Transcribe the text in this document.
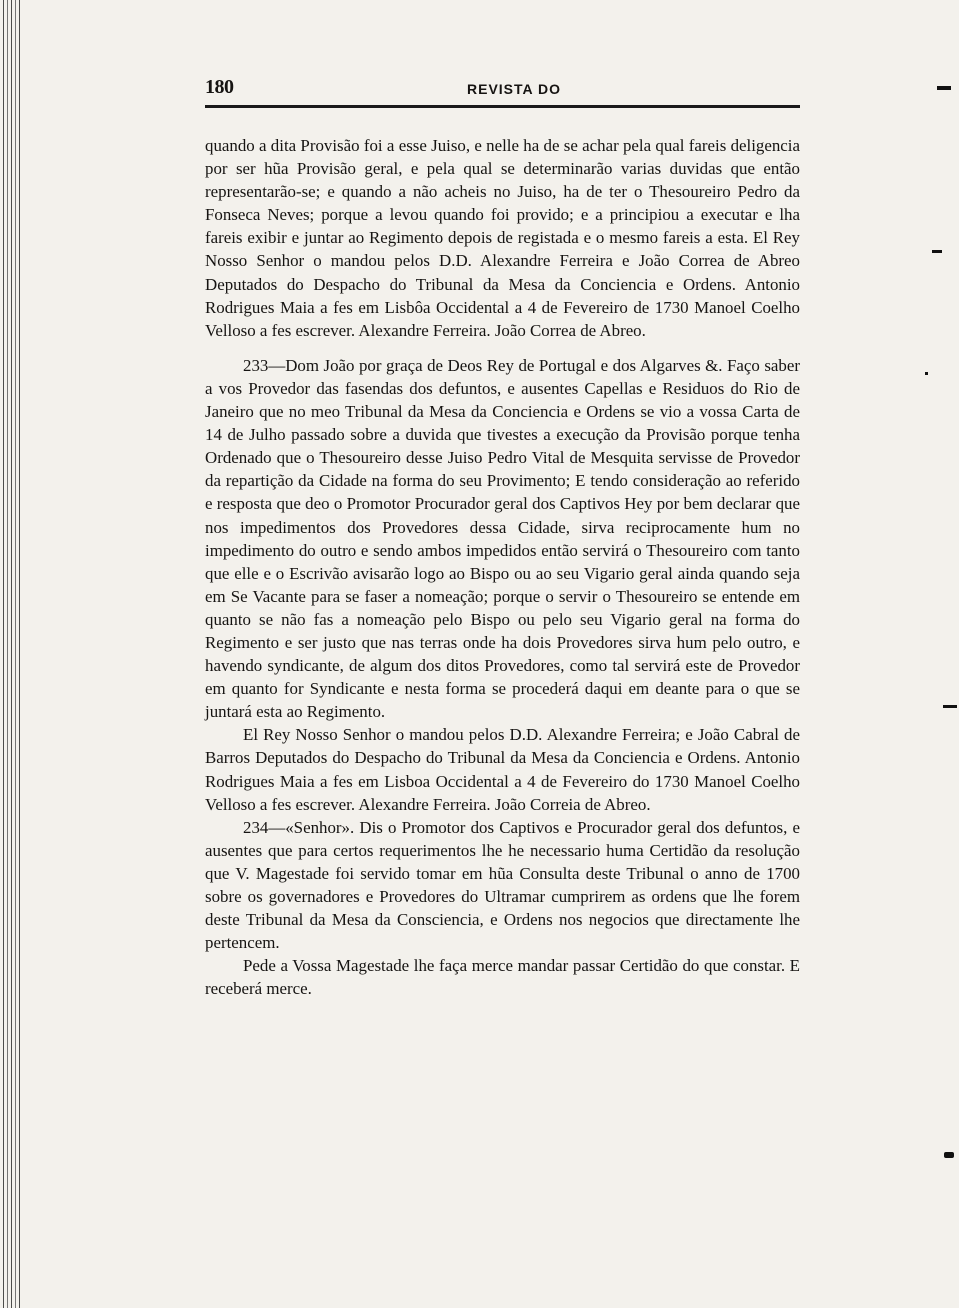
180	REVISTA DO

quando a dita Provisão foi a esse Juiso, e nelle ha de se achar pela qual fareis deligencia por ser hũa Provisão geral, e pela qual se determinarão varias duvidas que então representarão-se; e quando a não acheis no Juiso, ha de ter o Thesoureiro Pedro da Fonseca Neves; porque a levou quando foi provido; e a principiou a executar e lha fareis exibir e juntar ao Regimento depois de registada e o mesmo fareis a esta. El Rey Nosso Senhor o mandou pelos D.D. Alexandre Ferreira e João Correa de Abreo Deputados do Despacho do Tribunal da Mesa da Conciencia e Ordens. Antonio Rodrigues Maia a fes em Lisbôa Occidental a 4 de Fevereiro de 1730 Manoel Coelho Velloso a fes escrever. Alexandre Ferreira. João Correa de Abreo.

233—Dom João por graça de Deos Rey de Portugal e dos Algarves &. Faço saber a vos Provedor das fasendas dos defuntos, e ausentes Capellas e Residuos do Rio de Janeiro que no meo Tribunal da Mesa da Conciencia e Ordens se vio a vossa Carta de 14 de Julho passado sobre a duvida que tivestes a execução da Provisão porque tenha Ordenado que o Thesoureiro desse Juiso Pedro Vital de Mesquita servisse de Provedor da repartição da Cidade na forma do seu Provimento; E tendo consideração ao referido e resposta que deo o Promotor Procurador geral dos Captivos Hey por bem declarar que nos impedimentos dos Provedores dessa Cidade, sirva reciprocamente hum no impedimento do outro e sendo ambos impedidos então servirá o Thesoureiro com tanto que elle e o Escrivão avisarão logo ao Bispo ou ao seu Vigario geral ainda quando seja em Se Vacante para se faser a nomeação; porque o servir o Thesoureiro se entende em quanto se não fas a nomeação pelo Bispo ou pelo seu Vigario geral na forma do Regimento e ser justo que nas terras onde ha dois Provedores sirva hum pelo outro, e havendo syndicante, de algum dos ditos Provedores, como tal servirá este de Provedor em quanto for Syndicante e nesta forma se procederá daqui em deante para o que se juntará esta ao Regimento.

El Rey Nosso Senhor o mandou pelos D.D. Alexandre Ferreira; e João Cabral de Barros Deputados do Despacho do Tribunal da Mesa da Conciencia e Ordens. Antonio Rodrigues Maia a fes em Lisboa Occidental a 4 de Fevereiro do 1730 Manoel Coelho Velloso a fes escrever. Alexandre Ferreira. João Correia de Abreo.

234—«Senhor». Dis o Promotor dos Captivos e Procurador geral dos defuntos, e ausentes que para certos requerimentos lhe he necessario huma Certidão da resolução que V. Magestade foi servido tomar em hũa Consulta deste Tribunal o anno de 1700 sobre os governadores e Provedores do Ultramar cumprirem as ordens que lhe forem deste Tribunal da Mesa da Consciencia, e Ordens nos negocios que directamente lhe pertencem.

Pede a Vossa Magestade lhe faça merce mandar passar Certidão do que constar. E receberá merce.
